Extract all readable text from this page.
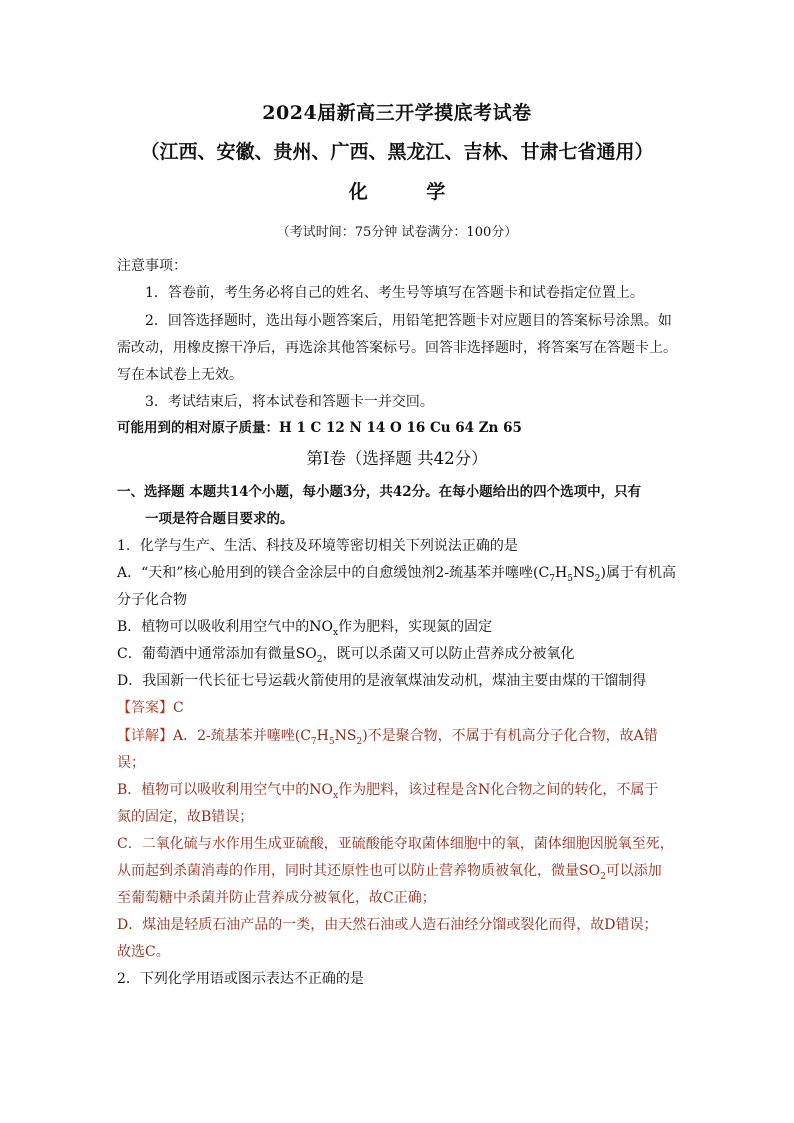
2024届新高三开学摸底考试卷
（江西、安徽、贵州、广西、黑龙江、吉林、甘肃七省通用）
化 学
（考试时间：75分钟 试卷满分：100分）
注意事项：
1．答卷前，考生务必将自己的姓名、考生号等填写在答题卡和试卷指定位置上。
2．回答选择题时，选出每小题答案后，用铅笔把答题卡对应题目的答案标号涂黑。如
需改动，用橡皮擦干净后，再选涂其他答案标号。回答非选择题时，将答案写在答题卡上。
写在本试卷上无效。
3．考试结束后，将本试卷和答题卡一并交回。
可能用到的相对原子质量：H 1 C 12 N 14 O 16 Cu 64 Zn 65
第Ⅰ卷（选择题 共42分）
一、选择题 本题共14个小题，每小题3分，共42分。在每小题给出的四个选项中，只有
一项是符合题目要求的。
1．化学与生产、生活、科技及环境等密切相关下列说法正确的是
A．“天和”核心舱用到的镁合金涂层中的自愈缓蚀剂2-巯基苯并噻唑$(C_7H_5NS_2)$属于有机高
分子化合物
B．植物可以吸收利用空气中的$NO_x$作为肥料，实现氮的固定
C．葡萄酒中通常添加有微量$SO_2$，既可以杀菌又可以防止营养成分被氧化
D．我国新一代长征七号运载火箭使用的是液氧煤油发动机，煤油主要由煤的干馏制得
【答案】C
【详解】A．2-巯基苯并噻唑$(C_7H_5NS_2)$不是聚合物，不属于有机高分子化合物，故A错
误；
B．植物可以吸收利用空气中的$NO_x$作为肥料，该过程是含N化合物之间的转化，不属于
氮的固定，故B错误；
C．二氧化硫与水作用生成亚硫酸，亚硫酸能夺取菌体细胞中的氧，菌体细胞因脱氧至死，
从而起到杀菌消毒的作用，同时其还原性也可以防止营养物质被氧化，微量$SO_2$可以添加
至葡萄糖中杀菌并防止营养成分被氧化，故C正确；
D．煤油是轻质石油产品的一类，由天然石油或人造石油经分馏或裂化而得，故D错误；
故选C。
2．下列化学用语或图示表达不正确的是
